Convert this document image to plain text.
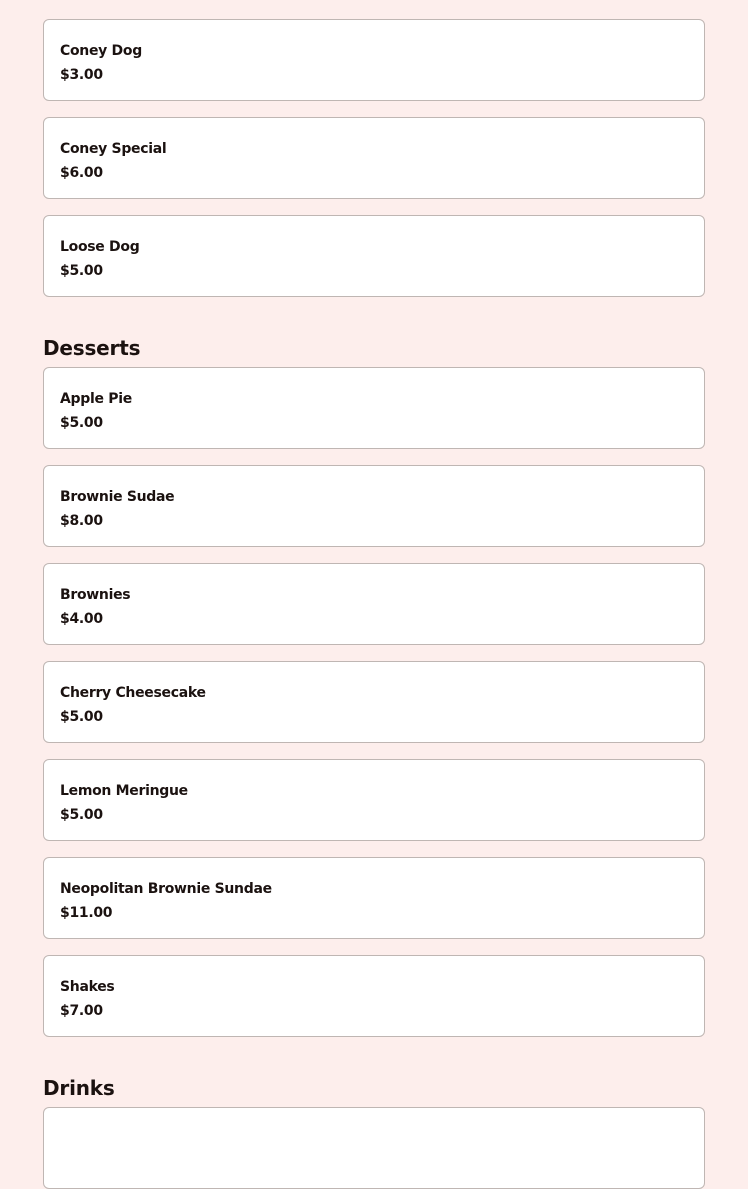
Coney Dog
$3.00
Coney Special
$6.00
Loose Dog
$5.00
Desserts
Apple Pie
$5.00
Brownie Sudae
$8.00
Brownies
$4.00
Cherry Cheesecake
$5.00
Lemon Meringue
$5.00
Neopolitan Brownie Sundae
$11.00
Shakes
$7.00
Drinks
